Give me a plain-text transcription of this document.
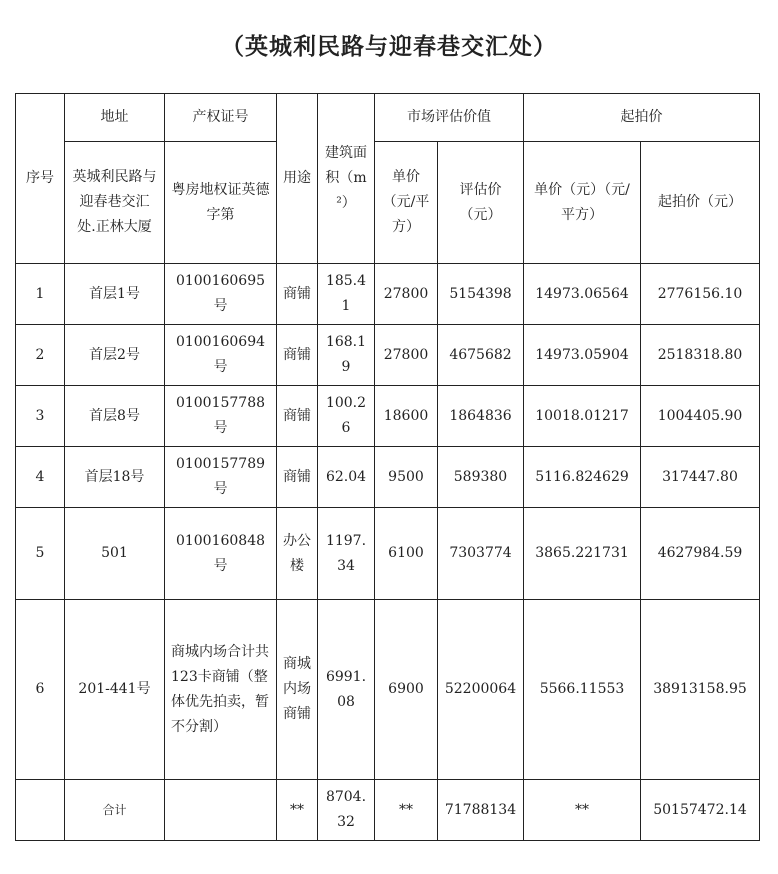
（英城利民路与迎春巷交汇处）
序号	地址	产权证号	用途	建筑面积（m²）	市场评估价值		起拍价	
	英城利民路与迎春巷交汇处.正林大厦	粤房地权证英德字第			单价（元/平方）	评估价（元）	单价（元）（元/平方）	起拍价（元）
1	首层1号	0100160695号	商铺	185.41	27800	5154398	14973.06564	2776156.10
2	首层2号	0100160694号	商铺	168.19	27800	4675682	14973.05904	2518318.80
3	首层8号	0100157788号	商铺	100.26	18600	1864836	10018.01217	1004405.90
4	首层18号	0100157789号	商铺	62.04	9500	589380	5116.824629	317447.80
5	501	0100160848号	办公楼	1197.34	6100	7303774	3865.221731	4627984.59
6	201-441号	商城内场合计共123卡商铺（整体优先拍卖，暂不分割）	商城内场商铺	6991.08	6900	52200064	5566.11553	38913158.95
	合计		**	8704.32	**	71788134	**	50157472.14
